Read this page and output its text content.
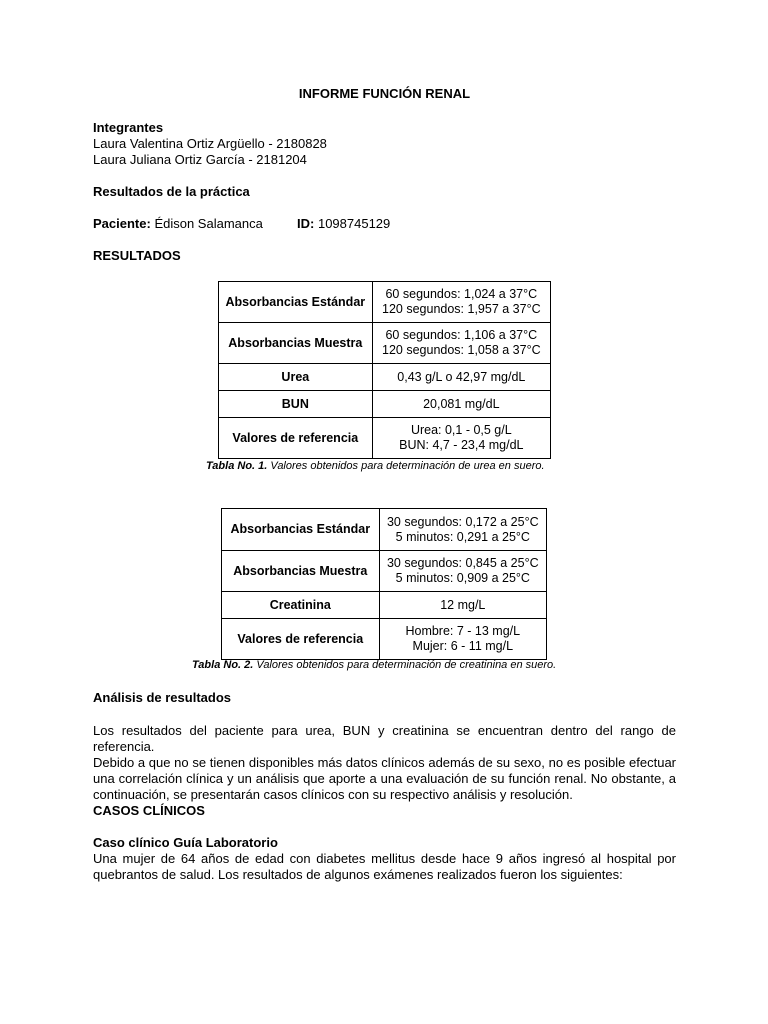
INFORME FUNCIÓN RENAL
Integrantes
Laura Valentina Ortiz Argüello - 2180828
Laura Juliana Ortiz García - 2181204
Resultados de la práctica
Paciente: Édison Salamanca	ID: 1098745129
RESULTADOS
Absorbancias Estándar	60 segundos: 1,024 a 37°C
120 segundos: 1,957 a 37°C

Absorbancias Muestra	60 segundos: 1,106 a 37°C
120 segundos: 1,058 a 37°C

Urea	0,43 g/L o 42,97 mg/dL
BUN	20,081 mg/dL
Valores de referencia	Urea: 0,1 - 0,5 g/L
BUN: 4,7 - 23,4 mg/dL
Tabla No. 1. Valores obtenidos para determinación de urea en suero.
Absorbancias Estándar	30 segundos: 0,172 a 25°C
5 minutos: 0,291 a 25°C

Absorbancias Muestra	30 segundos: 0,845 a 25°C
5 minutos: 0,909 a 25°C

Creatinina	12 mg/L
Valores de referencia	Hombre: 7 - 13 mg/L
Mujer: 6 - 11 mg/L
Tabla No. 2. Valores obtenidos para determinación de creatinina en suero.
Análisis de resultados
Los resultados del paciente para urea, BUN y creatinina se encuentran dentro del rango de referencia.
Debido a que no se tienen disponibles más datos clínicos además de su sexo, no es posible efectuar
una correlación clínica y un análisis que aporte a una evaluación de su función renal. No obstante, a
continuación, se presentarán casos clínicos con su respectivo análisis y resolución.
CASOS CLÍNICOS
Caso clínico Guía Laboratorio
Una mujer de 64 años de edad con diabetes mellitus desde hace 9 años ingresó al hospital por
quebrantos de salud. Los resultados de algunos exámenes realizados fueron los siguientes:
